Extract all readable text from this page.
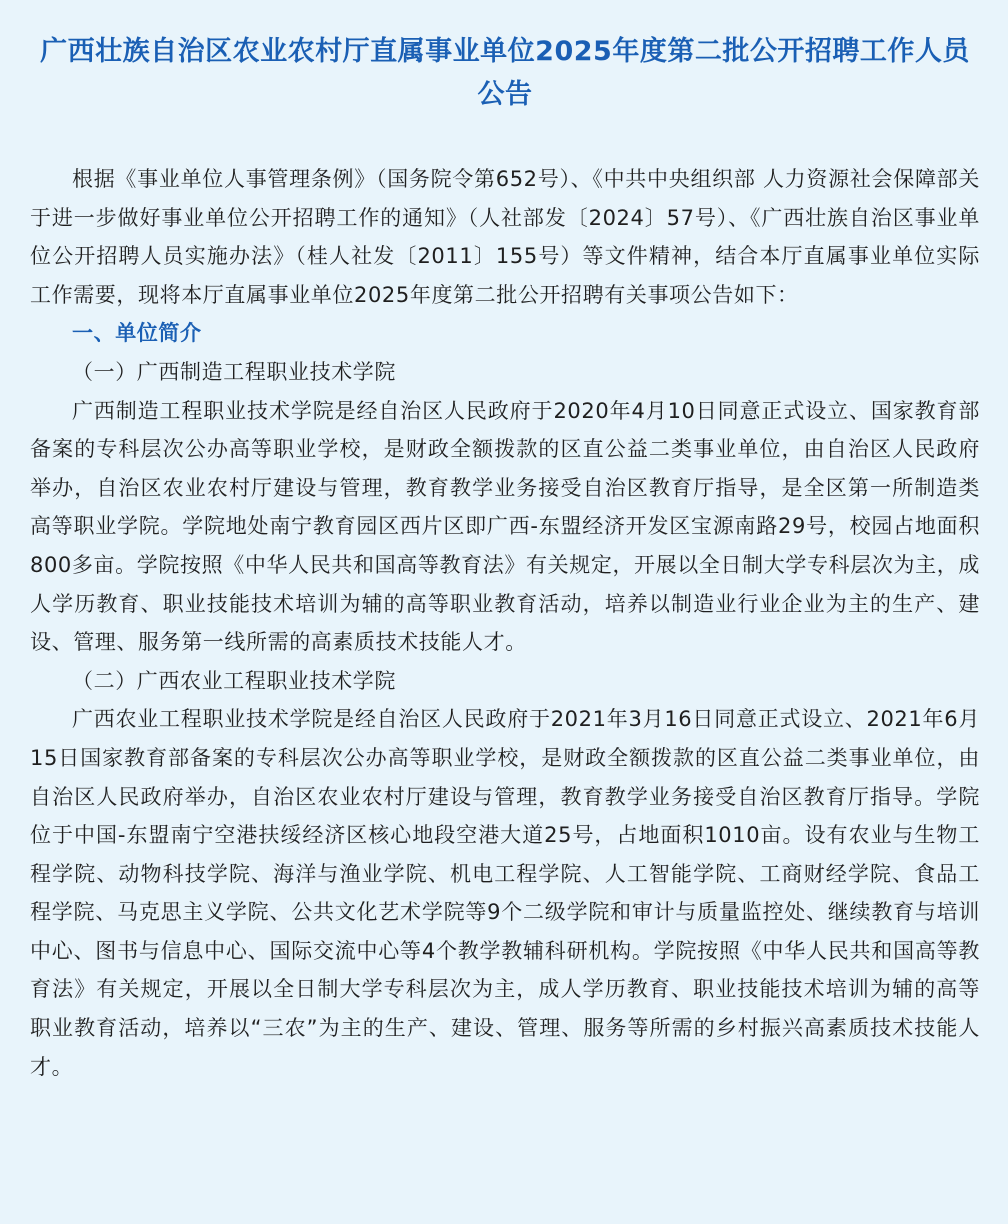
广西壮族自治区农业农村厅直属事业单位2025年度第二批公开招聘工作人员公告

根据《事业单位人事管理条例》（国务院令第652号）、《中共中央组织部 人力资源社会保障部关于进一步做好事业单位公开招聘工作的通知》（人社部发〔2024〕57号）、《广西壮族自治区事业单位公开招聘人员实施办法》（桂人社发〔2011〕155号）等文件精神，结合本厅直属事业单位实际工作需要，现将本厅直属事业单位2025年度第二批公开招聘有关事项公告如下：

一、单位简介

（一）广西制造工程职业技术学院

广西制造工程职业技术学院是经自治区人民政府于2020年4月10日同意正式设立、国家教育部备案的专科层次公办高等职业学校，是财政全额拨款的区直公益二类事业单位，由自治区人民政府举办，自治区农业农村厅建设与管理，教育教学业务接受自治区教育厅指导，是全区第一所制造类高等职业学院。学院地处南宁教育园区西片区即广西-东盟经济开发区宝源南路29号，校园占地面积800多亩。学院按照《中华人民共和国高等教育法》有关规定，开展以全日制大学专科层次为主，成人学历教育、职业技能技术培训为辅的高等职业教育活动，培养以制造业行业企业为主的生产、建设、管理、服务第一线所需的高素质技术技能人才。

（二）广西农业工程职业技术学院

广西农业工程职业技术学院是经自治区人民政府于2021年3月16日同意正式设立、2021年6月15日国家教育部备案的专科层次公办高等职业学校，是财政全额拨款的区直公益二类事业单位，由自治区人民政府举办，自治区农业农村厅建设与管理，教育教学业务接受自治区教育厅指导。学院位于中国-东盟南宁空港扶绥经济区核心地段空港大道25号，占地面积1010亩。设有农业与生物工程学院、动物科技学院、海洋与渔业学院、机电工程学院、人工智能学院、工商财经学院、食品工程学院、马克思主义学院、公共文化艺术学院等9个二级学院和审计与质量监控处、继续教育与培训中心、图书与信息中心、国际交流中心等4个教学教辅科研机构。学院按照《中华人民共和国高等教育法》有关规定，开展以全日制大学专科层次为主，成人学历教育、职业技能技术培训为辅的高等职业教育活动，培养以“三农”为主的生产、建设、管理、服务等所需的乡村振兴高素质技术技能人才。
